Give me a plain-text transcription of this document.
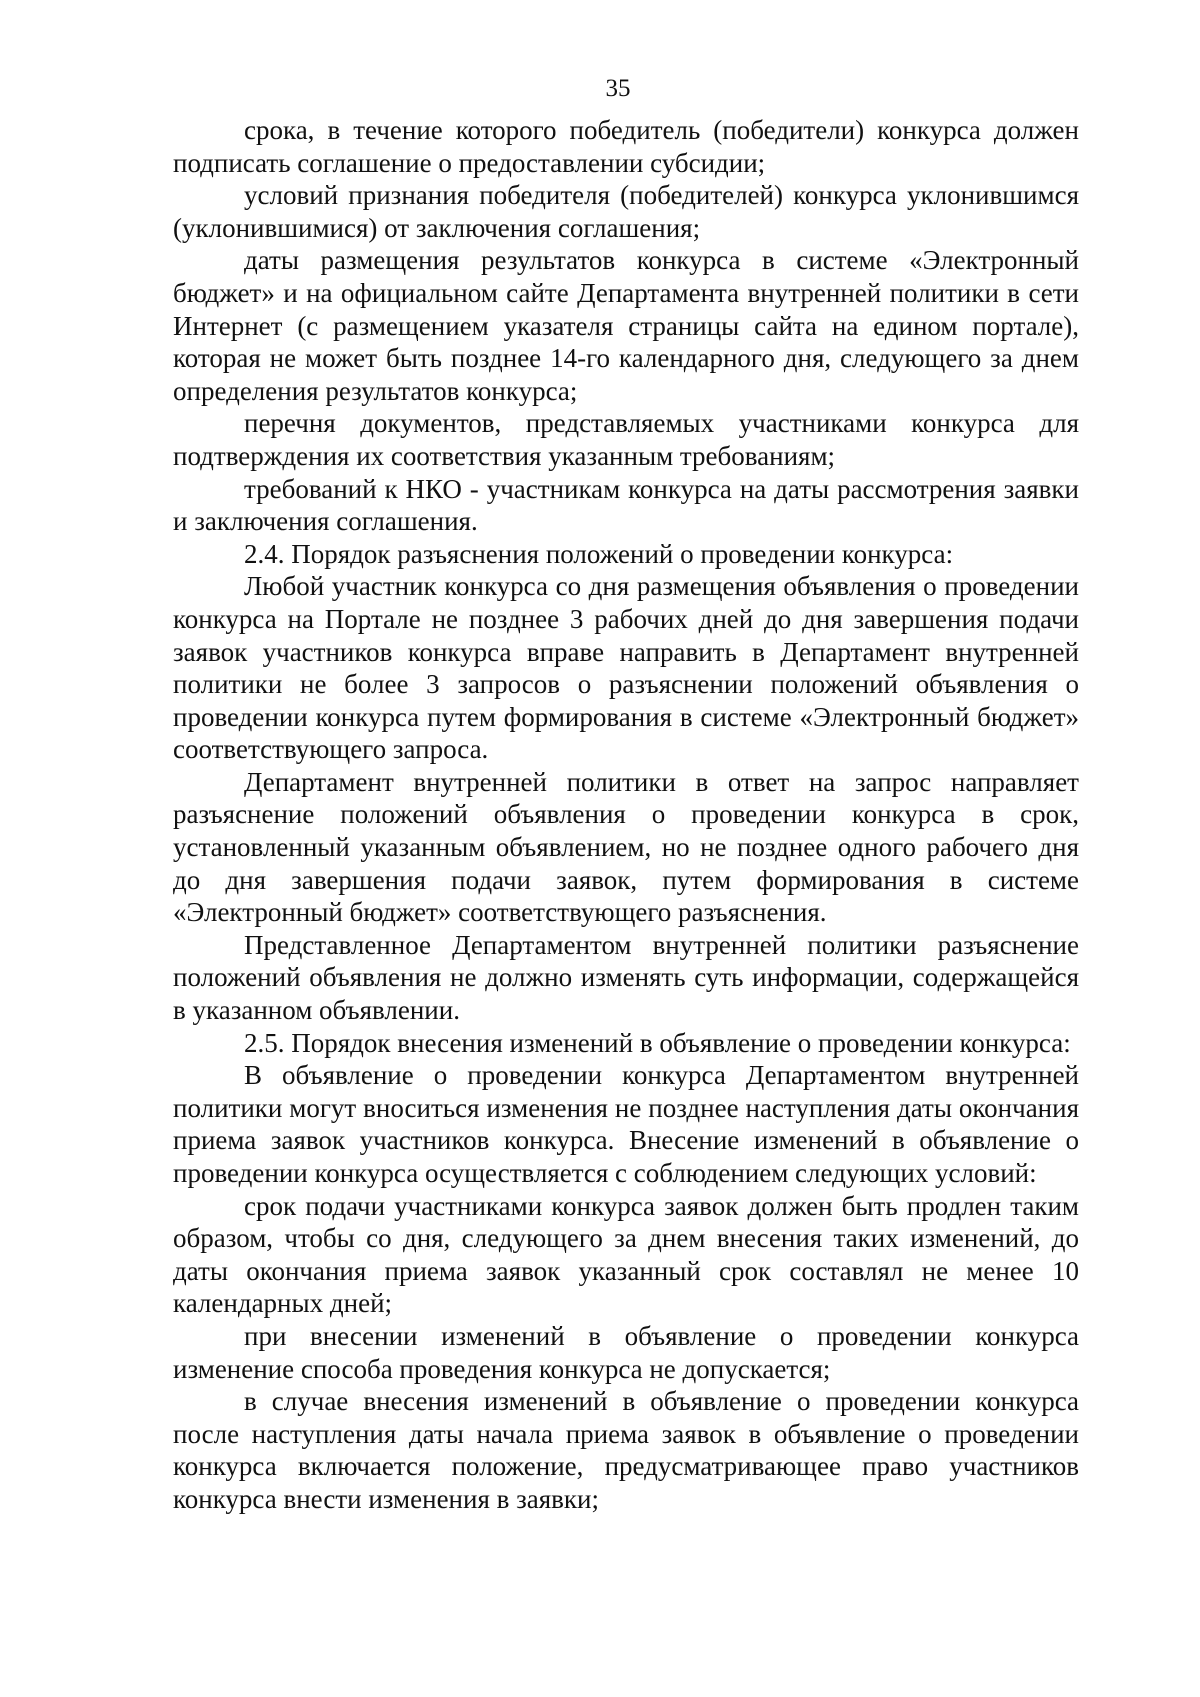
35

срока, в течение которого победитель (победители) конкурса должен подписать соглашение о предоставлении субсидии;

условий признания победителя (победителей) конкурса уклонившимся (уклонившимися) от заключения соглашения;

даты размещения результатов конкурса в системе «Электронный бюджет» и на официальном сайте Департамента внутренней политики в сети Интернет (с размещением указателя страницы сайта на едином портале), которая не может быть позднее 14-го календарного дня, следующего за днем определения результатов конкурса;

перечня документов, представляемых участниками конкурса для подтверждения их соответствия указанным требованиям;

требований к НКО - участникам конкурса на даты рассмотрения заявки и заключения соглашения.

2.4. Порядок разъяснения положений о проведении конкурса:

Любой участник конкурса со дня размещения объявления о проведении конкурса на Портале не позднее 3 рабочих дней до дня завершения подачи заявок участников конкурса вправе направить в Департамент внутренней политики не более 3 запросов о разъяснении положений объявления о проведении конкурса путем формирования в системе «Электронный бюджет» соответствующего запроса.

Департамент внутренней политики в ответ на запрос направляет разъяснение положений объявления о проведении конкурса в срок, установленный указанным объявлением, но не позднее одного рабочего дня до дня завершения подачи заявок, путем формирования в системе «Электронный бюджет» соответствующего разъяснения.

Представленное Департаментом внутренней политики разъяснение положений объявления не должно изменять суть информации, содержащейся в указанном объявлении.

2.5. Порядок внесения изменений в объявление о проведении конкурса:

В объявление о проведении конкурса Департаментом внутренней политики могут вноситься изменения не позднее наступления даты окончания приема заявок участников конкурса. Внесение изменений в объявление о проведении конкурса осуществляется с соблюдением следующих условий:

срок подачи участниками конкурса заявок должен быть продлен таким образом, чтобы со дня, следующего за днем внесения таких изменений, до даты окончания приема заявок указанный срок составлял не менее 10 календарных дней;

при внесении изменений в объявление о проведении конкурса изменение способа проведения конкурса не допускается;

в случае внесения изменений в объявление о проведении конкурса после наступления даты начала приема заявок в объявление о проведении конкурса включается положение, предусматривающее право участников конкурса внести изменения в заявки;
